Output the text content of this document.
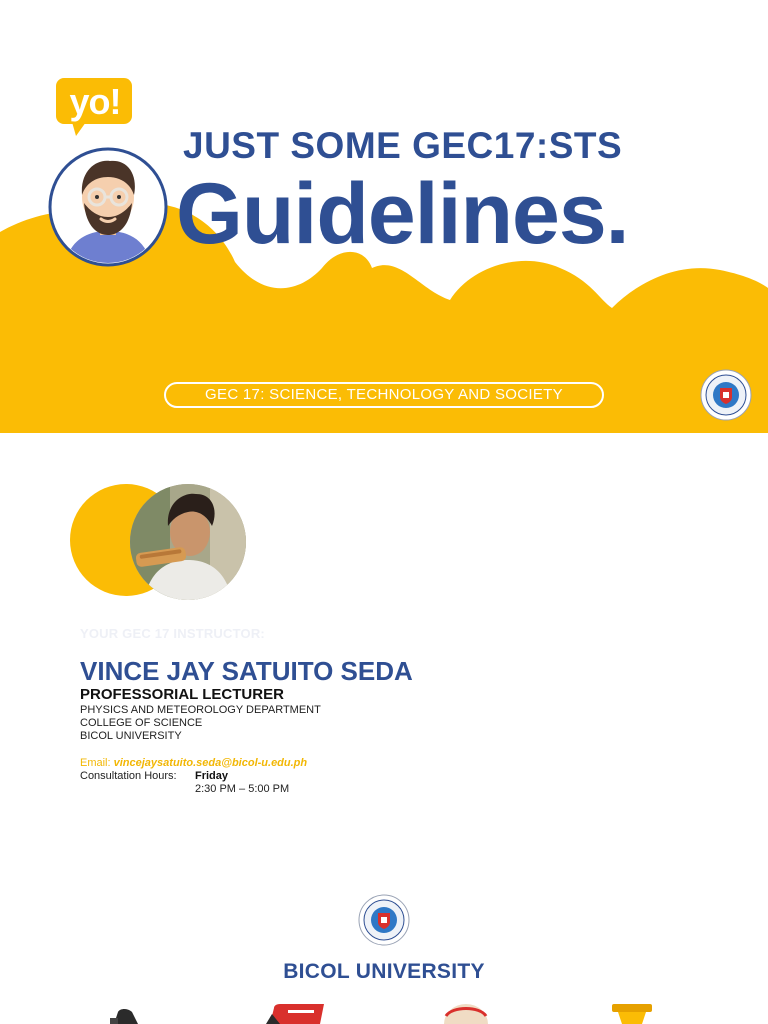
yo!
JUST SOME GEC17:STS
Guidelines.
GEC 17: SCIENCE, TECHNOLOGY AND SOCIETY
YOUR GEC 17 INSTRUCTOR:
VINCE JAY SATUITO SEDA
PROFESSORIAL LECTURER
PHYSICS AND METEOROLOGY DEPARTMENT
COLLEGE OF SCIENCE
BICOL UNIVERSITY
Email: vincejaysatuito.seda@bicol-u.edu.ph
Consultation Hours:	Friday
2:30 PM – 5:00 PM
BICOL UNIVERSITY
